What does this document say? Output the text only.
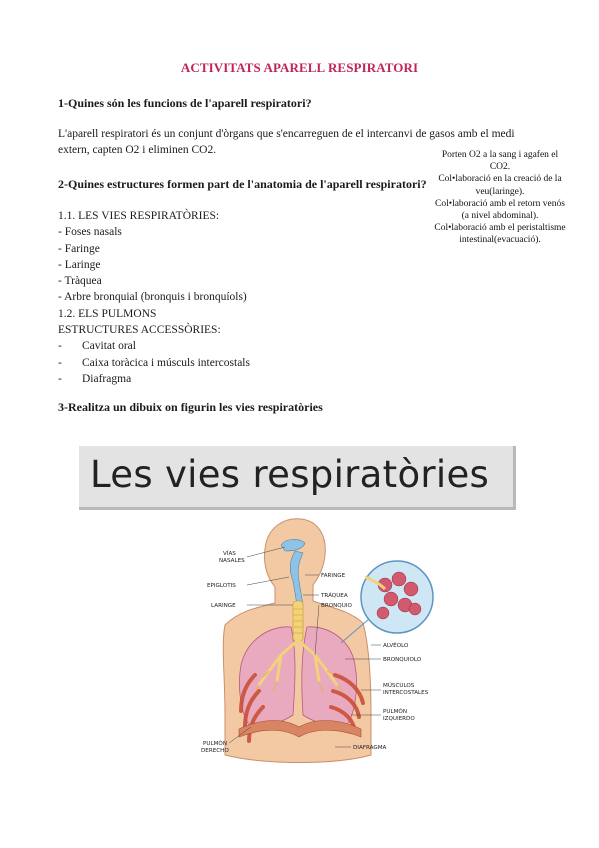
ACTIVITATS APARELL RESPIRATORI
1-Quines són les funcions de l'aparell respiratori?
L'aparell respiratori és un conjunt d'òrgans que s'encarreguen de el intercanvi de gasos amb el medi
extern, capten O2 i eliminen CO2.	Porten O2 a la sang i agafen el
CO2.
Col•laboració en la creació de la
veu(laringe).
Col•laboració amb el retorn venós
(a nivel abdominal).
Col•laboració amb el peristaltisme
intestinal(evacuació).
2-Quines estructures formen part de l'anatomia de l'aparell respiratori?
1.1. LES VIES RESPIRATÒRIES:
- Foses nasals
- Faringe
- Laringe
- Tràquea
- Arbre bronquial (bronquis i bronquíols)
1.2. ELS PULMONS
ESTRUCTURES ACCESSÒRIES:
- Cavitat oral
- Caixa toràcica i músculs intercostals
- Diafragma
3-Realitza un dibuix on figurin les vies respiratòries
Les vies respiratòries
VÍAS
NASALES
EPIGLOTIS
LARINGE
FARINGE
TRÁQUEA
BRONQUIO
ALVÉOLO
BRONQUIOLO
MÚSCULOS
INTERCOSTALES
PULMÓN
IZQUIERDO
PULMÓN
DERECHO	DIAFRAGMA
